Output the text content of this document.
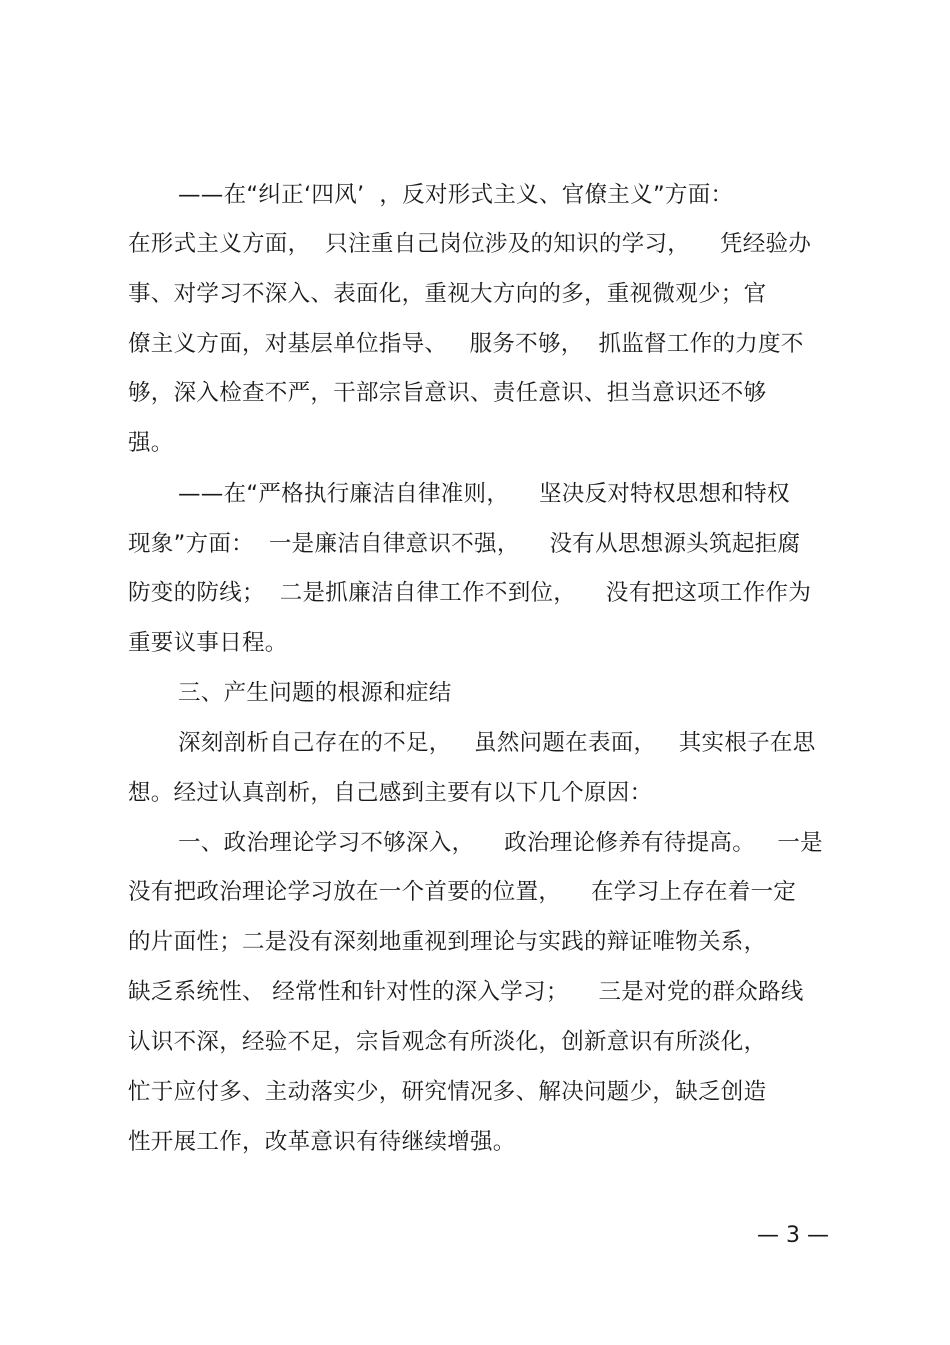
——在“纠正‘四风’  ，反对形式主义、官僚主义”方面：
在形式主义方面，  只注重自己岗位涉及的知识的学习，    凭经验办
事、对学习不深入、表面化，重视大方向的多，重视微观少；官
僚主义方面，对基层单位指导、   服务不够，  抓监督工作的力度不
够，深入检查不严，干部宗旨意识、责任意识、担当意识还不够
强。
——在“严格执行廉洁自律准则，    坚决反对特权思想和特权
现象”方面：  一是廉洁自律意识不强，    没有从思想源头筑起拒腐
防变的防线；  二是抓廉洁自律工作不到位，    没有把这项工作作为
重要议事日程。
三、产生问题的根源和症结
深刻剖析自己存在的不足，   虽然问题在表面，   其实根子在思
想。经过认真剖析，自己感到主要有以下几个原因：
一、政治理论学习不够深入，    政治理论修养有待提高。   一是
没有把政治理论学习放在一个首要的位置，    在学习上存在着一定
的片面性；二是没有深刻地重视到理论与实践的辩证唯物关系，
缺乏系统性、 经常性和针对性的深入学习；    三是对党的群众路线
认识不深，经验不足，宗旨观念有所淡化，创新意识有所淡化，
忙于应付多、主动落实少，研究情况多、解决问题少，缺乏创造
性开展工作，改革意识有待继续增强。
— 3 —
